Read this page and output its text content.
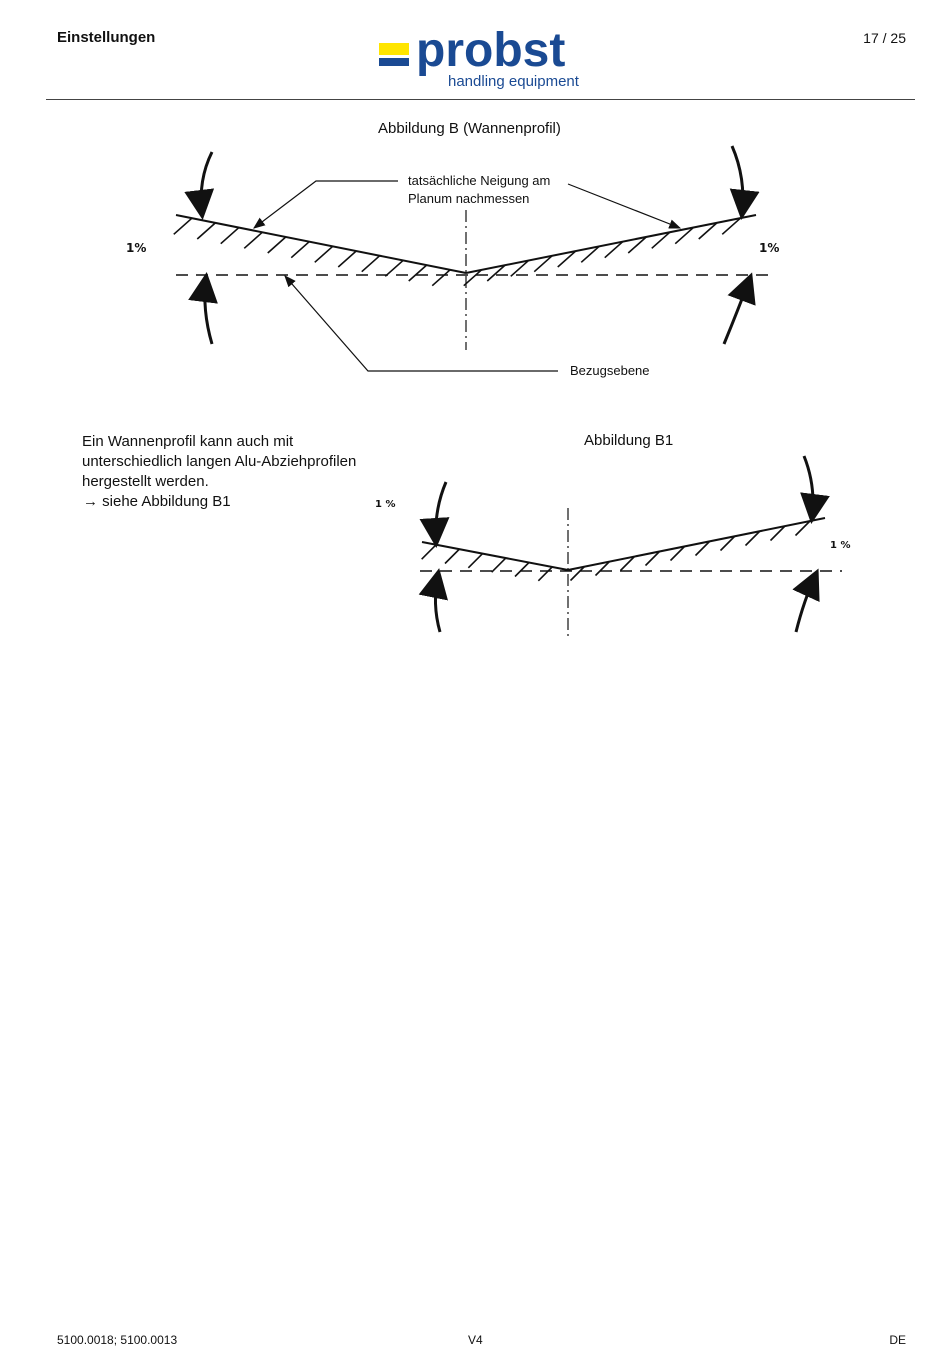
Einstellungen	17 / 25
probst
handling equipment
Abbildung B (Wannenprofil)
tatsächliche Neigung am
Planum nachmessen
Bezugsebene
1%	1%
Ein Wannenprofil kann auch mit
unterschiedlich langen Alu-Abziehprofilen
hergestellt werden.
→ siehe Abbildung B1
Abbildung B1
1 %
1 %
5100.0018; 5100.0013	V4	DE
